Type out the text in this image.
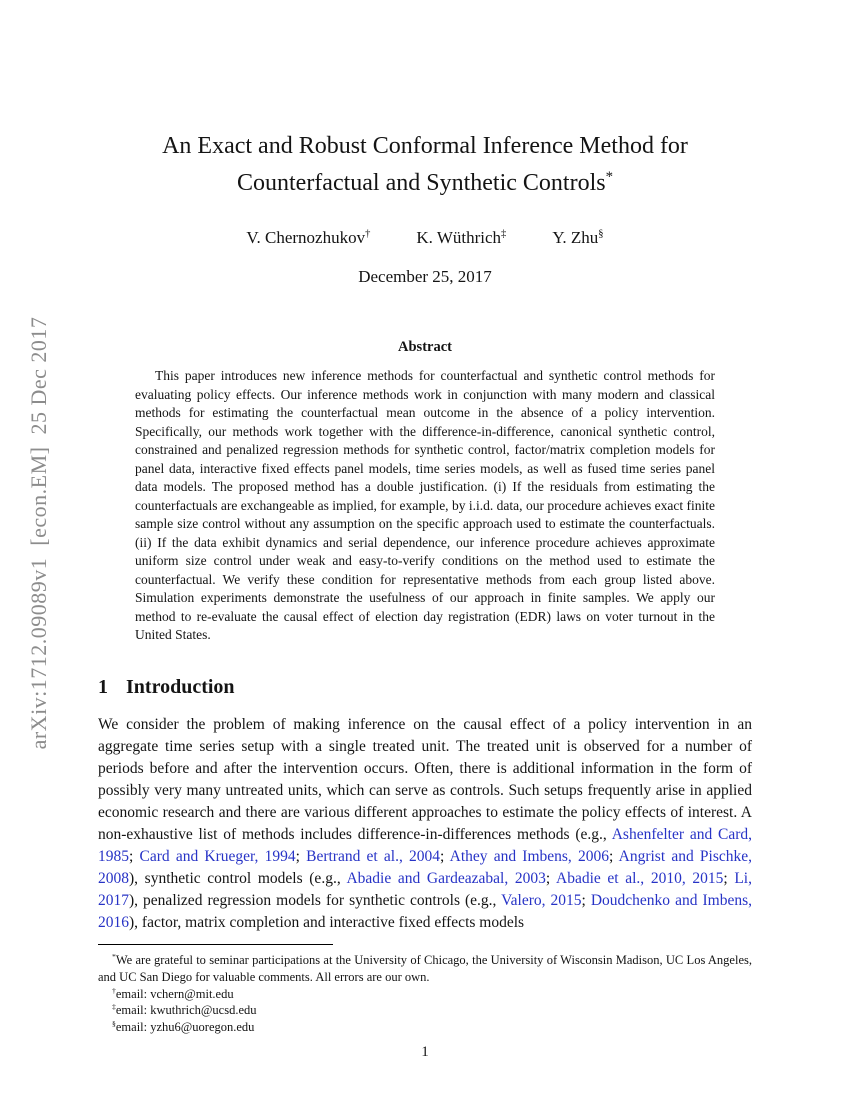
arXiv:1712.09089v1  [econ.EM]  25 Dec 2017
An Exact and Robust Conformal Inference Method for
Counterfactual and Synthetic Controls*
V. Chernozhukov†	K. Wüthrich‡	Y. Zhu§
December 25, 2017
Abstract

This paper introduces new inference methods for counterfactual and synthetic control methods for evaluating policy effects. Our inference methods work in conjunction with many modern and classical methods for estimating the counterfactual mean outcome in the absence of a policy intervention. Specifically, our methods work together with the difference-in-difference, canonical synthetic control, constrained and penalized regression methods for synthetic control, factor/matrix completion models for panel data, interactive fixed effects panel models, time series models, as well as fused time series panel data models. The proposed method has a double justification. (i) If the residuals from estimating the counterfactuals are exchangeable as implied, for example, by i.i.d. data, our procedure achieves exact finite sample size control without any assumption on the specific approach used to estimate the counterfactuals. (ii) If the data exhibit dynamics and serial dependence, our inference procedure achieves approximate uniform size control under weak and easy-to-verify conditions on the method used to estimate the counterfactual. We verify these condition for representative methods from each group listed above. Simulation experiments demonstrate the usefulness of our approach in finite samples. We apply our method to re-evaluate the causal effect of election day registration (EDR) laws on voter turnout in the United States.

1 Introduction

We consider the problem of making inference on the causal effect of a policy intervention in an aggregate time series setup with a single treated unit. The treated unit is observed for a number of periods before and after the intervention occurs. Often, there is additional information in the form of possibly very many untreated units, which can serve as controls. Such setups frequently arise in applied economic research and there are various different approaches to estimate the policy effects of interest. A non-exhaustive list of methods includes difference-in-differences methods (e.g., Ashenfelter and Card, 1985; Card and Krueger, 1994; Bertrand et al., 2004; Athey and Imbens, 2006; Angrist and Pischke, 2008), synthetic control models (e.g., Abadie and Gardeazabal, 2003; Abadie et al., 2010, 2015; Li, 2017), penalized regression models for synthetic controls (e.g., Valero, 2015; Doudchenko and Imbens, 2016), factor, matrix completion and interactive fixed effects models

*We are grateful to seminar participations at the University of Chicago, the University of Wisconsin Madison, UC Los Angeles, and UC San Diego for valuable comments. All errors are our own.

†email: vchern@mit.edu

‡email: kwuthrich@ucsd.edu

§email: yzhu6@uoregon.edu

1
